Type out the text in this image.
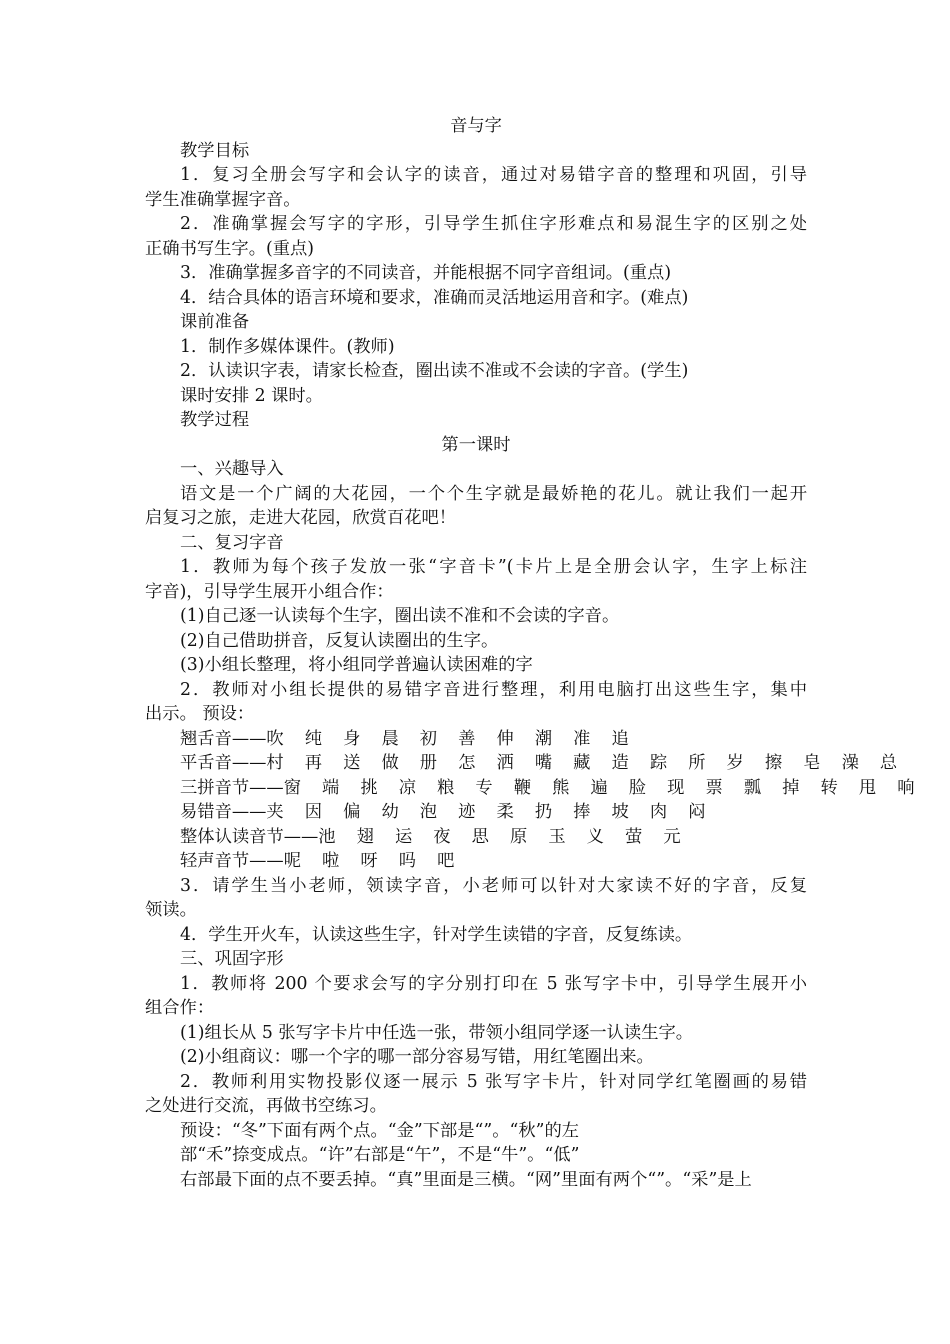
音与字
教学目标
1．复习全册会写字和会认字的读音，通过对易错字音的整理和巩固，引导
学生准确掌握字音。
2．准确掌握会写字的字形，引导学生抓住字形难点和易混生字的区别之处
正确书写生字。(重点)
3．准确掌握多音字的不同读音，并能根据不同字音组词。(重点)
4．结合具体的语言环境和要求，准确而灵活地运用音和字。(难点)
课前准备
1．制作多媒体课件。(教师)
2．认读识字表，请家长检查，圈出读不准或不会读的字音。(学生)
课时安排 2 课时。
教学过程
第一课时
一、兴趣导入
语文是一个广阔的大花园，一个个生字就是最娇艳的花儿。就让我们一起开
启复习之旅，走进大花园，欣赏百花吧！
二、复习字音
1．教师为每个孩子发放一张“字音卡”(卡片上是全册会认字，生字上标注
字音)，引导学生展开小组合作：
(1)自己逐一认读每个生字，圈出读不准和不会读的字音。
(2)自己借助拼音，反复认读圈出的生字。
(3)小组长整理，将小组同学普遍认读困难的字
2．教师对小组长提供的易错字音进行整理，利用电脑打出这些生字，集中
出示。 预设：
翘舌音——吹 纯 身 晨 初 善 伸 潮 准 追
平舌音——村 再 送 做 册 怎 洒 嘴 藏 造 踪 所 岁 擦 皂 澡 总
三拼音节——窗 端 挑 凉 粮 专 鞭 熊 遍 脸 现 票 瓢 掉 转 甩 响
易错音——夹 因 偏 幼 泡 迹 柔 扔 捧 坡 肉 闷
整体认读音节——池 翅 运 夜 思 原 玉 义 萤 元
轻声音节——呢 啦 呀 吗 吧
3．请学生当小老师，领读字音，小老师可以针对大家读不好的字音，反复
领读。
4．学生开火车，认读这些生字，针对学生读错的字音，反复练读。
三、巩固字形
1．教师将 200 个要求会写的字分别打印在 5 张写字卡中，引导学生展开小
组合作：
(1)组长从 5 张写字卡片中任选一张，带领小组同学逐一认读生字。
(2)小组商议：哪一个字的哪一部分容易写错，用红笔圈出来。
2．教师利用实物投影仪逐一展示 5 张写字卡片，针对同学红笔圈画的易错
之处进行交流，再做书空练习。
预设：“冬”下面有两个点。“金”下部是“”。“秋”的左
部“禾”捺变成点。“许”右部是“午”，不是“牛”。“低”
右部最下面的点不要丢掉。“真”里面是三横。“网”里面有两个“”。“采”是上
